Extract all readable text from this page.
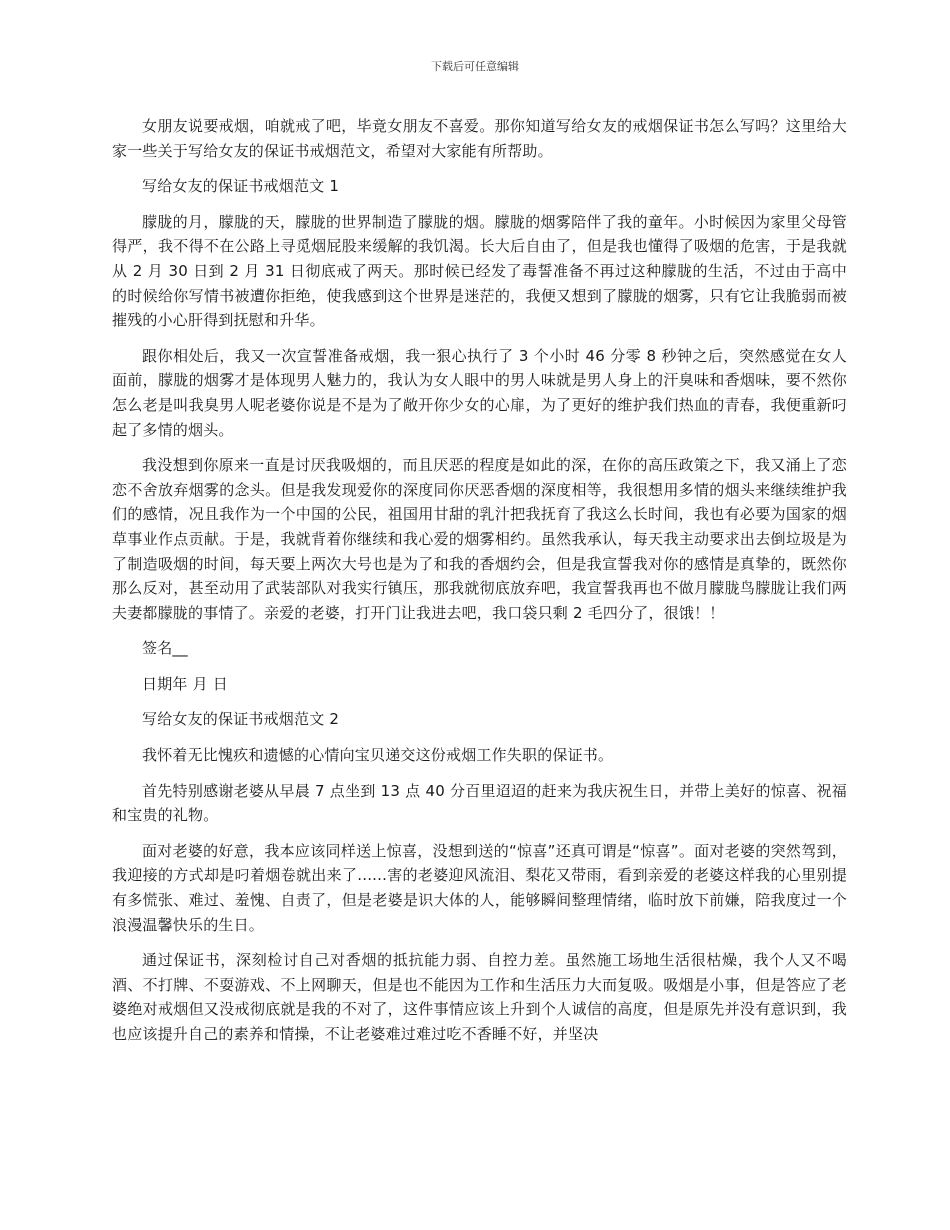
下载后可任意编辑

女朋友说要戒烟，咱就戒了吧，毕竟女朋友不喜爱。那你知道写给女友的戒烟保证书怎么写吗？这里给大家一些关于写给女友的保证书戒烟范文，希望对大家能有所帮助。

写给女友的保证书戒烟范文 1

朦胧的月，朦胧的天，朦胧的世界制造了朦胧的烟。朦胧的烟雾陪伴了我的童年。小时候因为家里父母管得严，我不得不在公路上寻觅烟屁股来缓解的我饥渴。长大后自由了，但是我也懂得了吸烟的危害，于是我就从 2 月 30 日到 2 月 31 日彻底戒了两天。那时候已经发了毒誓准备不再过这种朦胧的生活，不过由于高中的时候给你写情书被遭你拒绝，使我感到这个世界是迷茫的，我便又想到了朦胧的烟雾，只有它让我脆弱而被摧残的小心肝得到抚慰和升华。

跟你相处后，我又一次宣誓准备戒烟，我一狠心执行了 3 个小时 46 分零 8 秒钟之后，突然感觉在女人面前，朦胧的烟雾才是体现男人魅力的，我认为女人眼中的男人味就是男人身上的汗臭味和香烟味，要不然你怎么老是叫我臭男人呢老婆你说是不是为了敞开你少女的心扉，为了更好的维护我们热血的青春，我便重新叼起了多情的烟头。

我没想到你原来一直是讨厌我吸烟的，而且厌恶的程度是如此的深，在你的高压政策之下，我又涌上了恋恋不舍放弃烟雾的念头。但是我发现爱你的深度同你厌恶香烟的深度相等，我很想用多情的烟头来继续维护我们的感情，况且我作为一个中国的公民，祖国用甘甜的乳汁把我抚育了我这么长时间，我也有必要为国家的烟草事业作点贡献。于是，我就背着你继续和我心爱的烟雾相约。虽然我承认，每天我主动要求出去倒垃圾是为了制造吸烟的时间，每天要上两次大号也是为了和我的香烟约会，但是我宣誓我对你的感情是真挚的，既然你那么反对，甚至动用了武装部队对我实行镇压，那我就彻底放弃吧，我宣誓我再也不做月朦胧鸟朦胧让我们两夫妻都朦胧的事情了。亲爱的老婆，打开门让我进去吧，我口袋只剩 2 毛四分了，很饿！！

签名__

日期年 月 日

写给女友的保证书戒烟范文 2

我怀着无比愧疚和遗憾的心情向宝贝递交这份戒烟工作失职的保证书。

首先特别感谢老婆从早晨 7 点坐到 13 点 40 分百里迢迢的赶来为我庆祝生日，并带上美好的惊喜、祝福和宝贵的礼物。

面对老婆的好意，我本应该同样送上惊喜，没想到送的“惊喜”还真可谓是“惊喜”。面对老婆的突然驾到，我迎接的方式却是叼着烟卷就出来了......害的老婆迎风流泪、梨花又带雨，看到亲爱的老婆这样我的心里别提有多慌张、难过、羞愧、自责了，但是老婆是识大体的人，能够瞬间整理情绪，临时放下前嫌，陪我度过一个浪漫温馨快乐的生日。

通过保证书，深刻检讨自己对香烟的抵抗能力弱、自控力差。虽然施工场地生活很枯燥，我个人又不喝酒、不打牌、不耍游戏、不上网聊天，但是也不能因为工作和生活压力大而复吸。吸烟是小事，但是答应了老婆绝对戒烟但又没戒彻底就是我的不对了，这件事情应该上升到个人诚信的高度，但是原先并没有意识到，我也应该提升自己的素养和情操，不让老婆难过难过吃不香睡不好，并坚决
